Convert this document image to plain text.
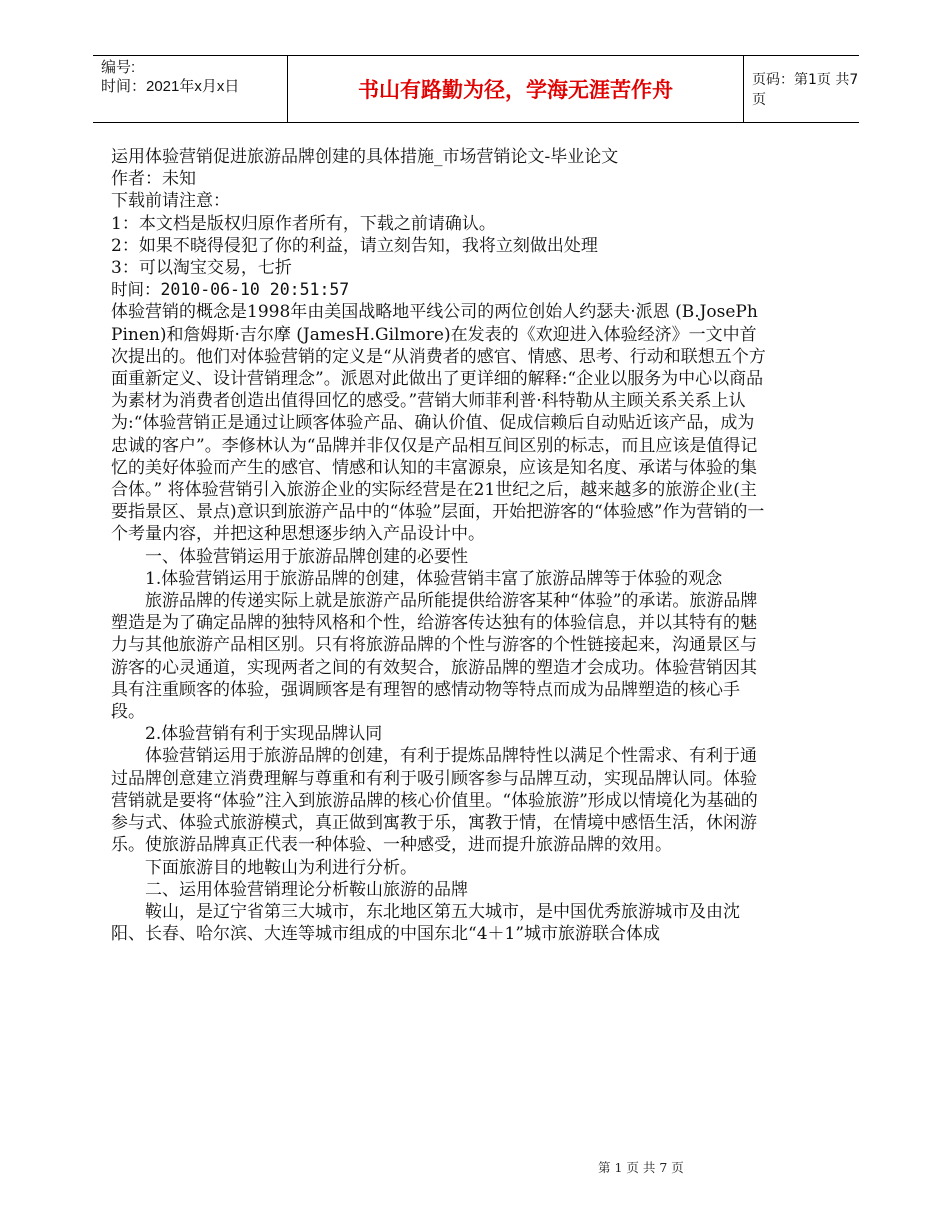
编号:
时间：2021年x月x日	书山有路勤为径，学海无涯苦作舟	页码：第1页 共7页

运用体验营销促进旅游品牌创建的具体措施_市场营销论文-毕业论文

作者：未知

下载前请注意：

1：本文档是版权归原作者所有，下载之前请确认。

2：如果不晓得侵犯了你的利益，请立刻告知，我将立刻做出处理

3：可以淘宝交易，七折

时间：2010-06-10 20:51:57

体验营销的概念是1998年由美国战略地平线公司的两位创始人约瑟夫·派恩 (B.JosePhPinen)和詹姆斯·吉尔摩 (JamesH.Gilmore)在发表的《欢迎进入体验经济》一文中首次提出的。他们对体验营销的定义是“从消费者的感官、情感、思考、行动和联想五个方面重新定义、设计营销理念”。派恩对此做出了更详细的解释:“企业以服务为中心以商品为素材为消费者创造出值得回忆的感受。”营销大师菲利普·科特勒从主顾关系关系上认为:“体验营销正是通过让顾客体验产品、确认价值、促成信赖后自动贴近该产品，成为忠诚的客户”。李修林认为“品牌并非仅仅是产品相互间区别的标志，而且应该是值得记忆的美好体验而产生的感官、情感和认知的丰富源泉，应该是知名度、承诺与体验的集合体。” 将体验营销引入旅游企业的实际经营是在21世纪之后，越来越多的旅游企业(主要指景区、景点)意识到旅游产品中的“体验”层面，开始把游客的“体验感”作为营销的一个考量内容，并把这种思想逐步纳入产品设计中。

一、体验营销运用于旅游品牌创建的必要性

1.体验营销运用于旅游品牌的创建，体验营销丰富了旅游品牌等于体验的观念

旅游品牌的传递实际上就是旅游产品所能提供给游客某种“体验”的承诺。旅游品牌塑造是为了确定品牌的独特风格和个性，给游客传达独有的体验信息，并以其特有的魅力与其他旅游产品相区别。只有将旅游品牌的个性与游客的个性链接起来，沟通景区与游客的心灵通道，实现两者之间的有效契合，旅游品牌的塑造才会成功。体验营销因其具有注重顾客的体验，强调顾客是有理智的感情动物等特点而成为品牌塑造的核心手段。

2.体验营销有利于实现品牌认同

体验营销运用于旅游品牌的创建，有利于提炼品牌特性以满足个性需求、有利于通过品牌创意建立消费理解与尊重和有利于吸引顾客参与品牌互动，实现品牌认同。体验营销就是要将“体验”注入到旅游品牌的核心价值里。“体验旅游”形成以情境化为基础的参与式、体验式旅游模式，真正做到寓教于乐，寓教于情，在情境中感悟生活，休闲游乐。使旅游品牌真正代表一种体验、一种感受，进而提升旅游品牌的效用。

下面旅游目的地鞍山为利进行分析。

二、运用体验营销理论分析鞍山旅游的品牌

鞍山，是辽宁省第三大城市，东北地区第五大城市，是中国优秀旅游城市及由沈阳、长春、哈尔滨、大连等城市组成的中国东北“4＋1”城市旅游联合体成

第 1 页 共 7 页
